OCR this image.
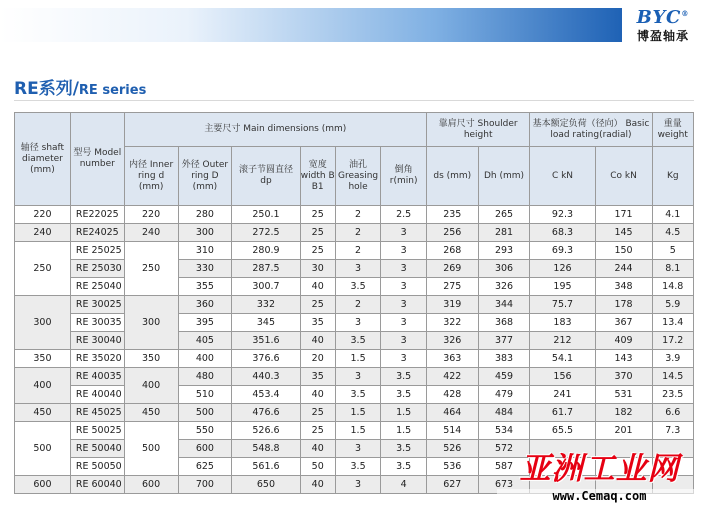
BYC®
博盈轴承
RE系列/RE series
轴径 shaft diameter (mm)	型号 Model number	主要尺寸 Main dimensions (mm)						靠肩尺寸 Shoulder height		基本额定负荷（径向） Basic load rating(radial)		重量 weight
		内径 Inner ring d (mm)	外径 Outer ring D (mm)	滚子节圆直径 dp	宽度 width B B1	油孔 Greasing hole	倒角 r(min)	ds (mm)	Dh (mm)	C kN	Co kN	Kg
220	RE22025	220	280	250.1	25	2	2.5	235	265	92.3	171	4.1
240	RE24025	240	300	272.5	25	2	3	256	281	68.3	145	4.5
250	RE 25025	250	310	280.9	25	2	3	268	293	69.3	150	5
	RE 25030		330	287.5	30	3	3	269	306	126	244	8.1
	RE 25040		355	300.7	40	3.5	3	275	326	195	348	14.8
300	RE 30025	300	360	332	25	2	3	319	344	75.7	178	5.9
	RE 30035		395	345	35	3	3	322	368	183	367	13.4
	RE 30040		405	351.6	40	3.5	3	326	377	212	409	17.2
350	RE 35020	350	400	376.6	20	1.5	3	363	383	54.1	143	3.9
400	RE 40035	400	480	440.3	35	3	3.5	422	459	156	370	14.5
	RE 40040		510	453.4	40	3.5	3.5	428	479	241	531	23.5
450	RE 45025	450	500	476.6	25	1.5	1.5	464	484	61.7	182	6.6
500	RE 50025	500	550	526.6	25	1.5	1.5	514	534	65.5	201	7.3
	RE 50040		600	548.8	40	3	3.5	526	572			
	RE 50050		625	561.6	50	3.5	3.5	536	587			
600	RE 60040	600	700	650	40	3	4	627	673			亚洲工业网
www.Cemaq.com
